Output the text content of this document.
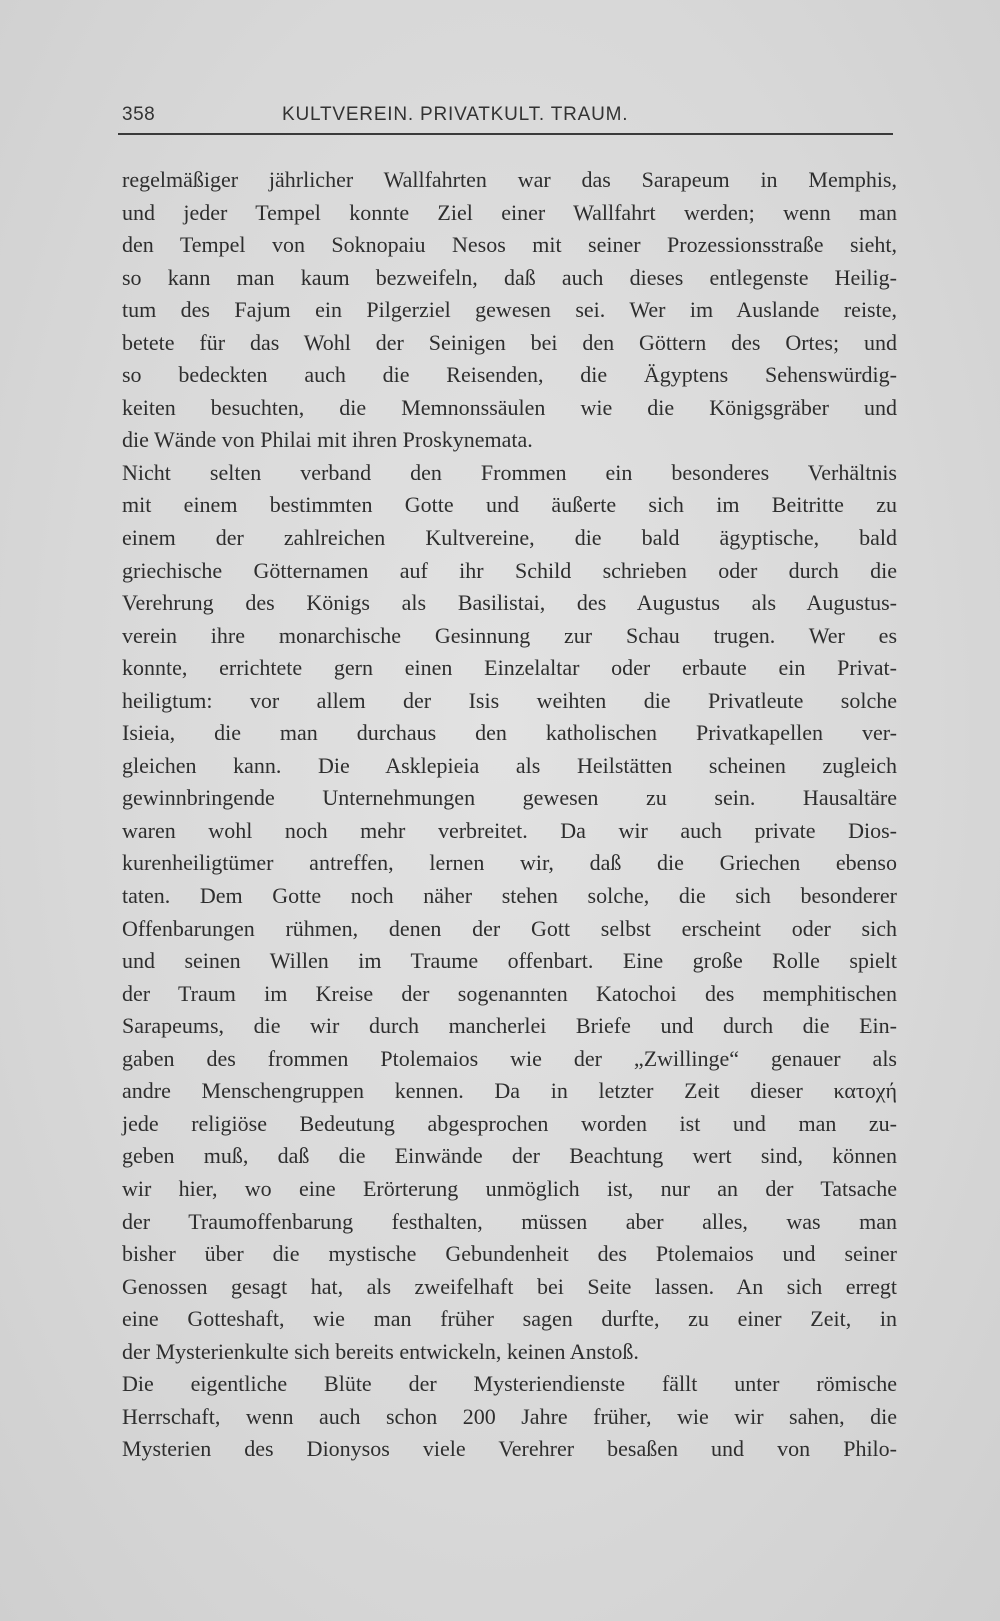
358	KULTVEREIN. PRIVATKULT. TRAUM.
regelmäßiger jährlicher Wallfahrten war das Sarapeum in Memphis,
und jeder Tempel konnte Ziel einer Wallfahrt werden; wenn man
den Tempel von Soknopaiu Nesos mit seiner Prozessionsstraße sieht,
so kann man kaum bezweifeln, daß auch dieses entlegenste Heilig-
tum des Fajum ein Pilgerziel gewesen sei. Wer im Auslande reiste,
betete für das Wohl der Seinigen bei den Göttern des Ortes; und
so bedeckten auch die Reisenden, die Ägyptens Sehenswürdig-
keiten besuchten, die Memnonssäulen wie die Königsgräber und
die Wände von Philai mit ihren Proskynemata.
Nicht selten verband den Frommen ein besonderes Verhältnis
mit einem bestimmten Gotte und äußerte sich im Beitritte zu
einem der zahlreichen Kultvereine, die bald ägyptische, bald
griechische Götternamen auf ihr Schild schrieben oder durch die
Verehrung des Königs als Basilistai, des Augustus als Augustus-
verein ihre monarchische Gesinnung zur Schau trugen. Wer es
konnte, errichtete gern einen Einzelaltar oder erbaute ein Privat-
heiligtum: vor allem der Isis weihten die Privatleute solche
Isieia, die man durchaus den katholischen Privatkapellen ver-
gleichen kann. Die Asklepieia als Heilstätten scheinen zugleich
gewinnbringende Unternehmungen gewesen zu sein. Hausaltäre
waren wohl noch mehr verbreitet. Da wir auch private Dios-
kurenheiligtümer antreffen, lernen wir, daß die Griechen ebenso
taten. Dem Gotte noch näher stehen solche, die sich besonderer
Offenbarungen rühmen, denen der Gott selbst erscheint oder sich
und seinen Willen im Traume offenbart. Eine große Rolle spielt
der Traum im Kreise der sogenannten Katochoi des memphitischen
Sarapeums, die wir durch mancherlei Briefe und durch die Ein-
gaben des frommen Ptolemaios wie der „Zwillinge“ genauer als
andre Menschengruppen kennen. Da in letzter Zeit dieser κατοχή
jede religiöse Bedeutung abgesprochen worden ist und man zu-
geben muß, daß die Einwände der Beachtung wert sind, können
wir hier, wo eine Erörterung unmöglich ist, nur an der Tatsache
der Traumoffenbarung festhalten, müssen aber alles, was man
bisher über die mystische Gebundenheit des Ptolemaios und seiner
Genossen gesagt hat, als zweifelhaft bei Seite lassen. An sich erregt
eine Gotteshaft, wie man früher sagen durfte, zu einer Zeit, in
der Mysterienkulte sich bereits entwickeln, keinen Anstoß.
Die eigentliche Blüte der Mysteriendienste fällt unter römische
Herrschaft, wenn auch schon 200 Jahre früher, wie wir sahen, die
Mysterien des Dionysos viele Verehrer besaßen und von Philo-
